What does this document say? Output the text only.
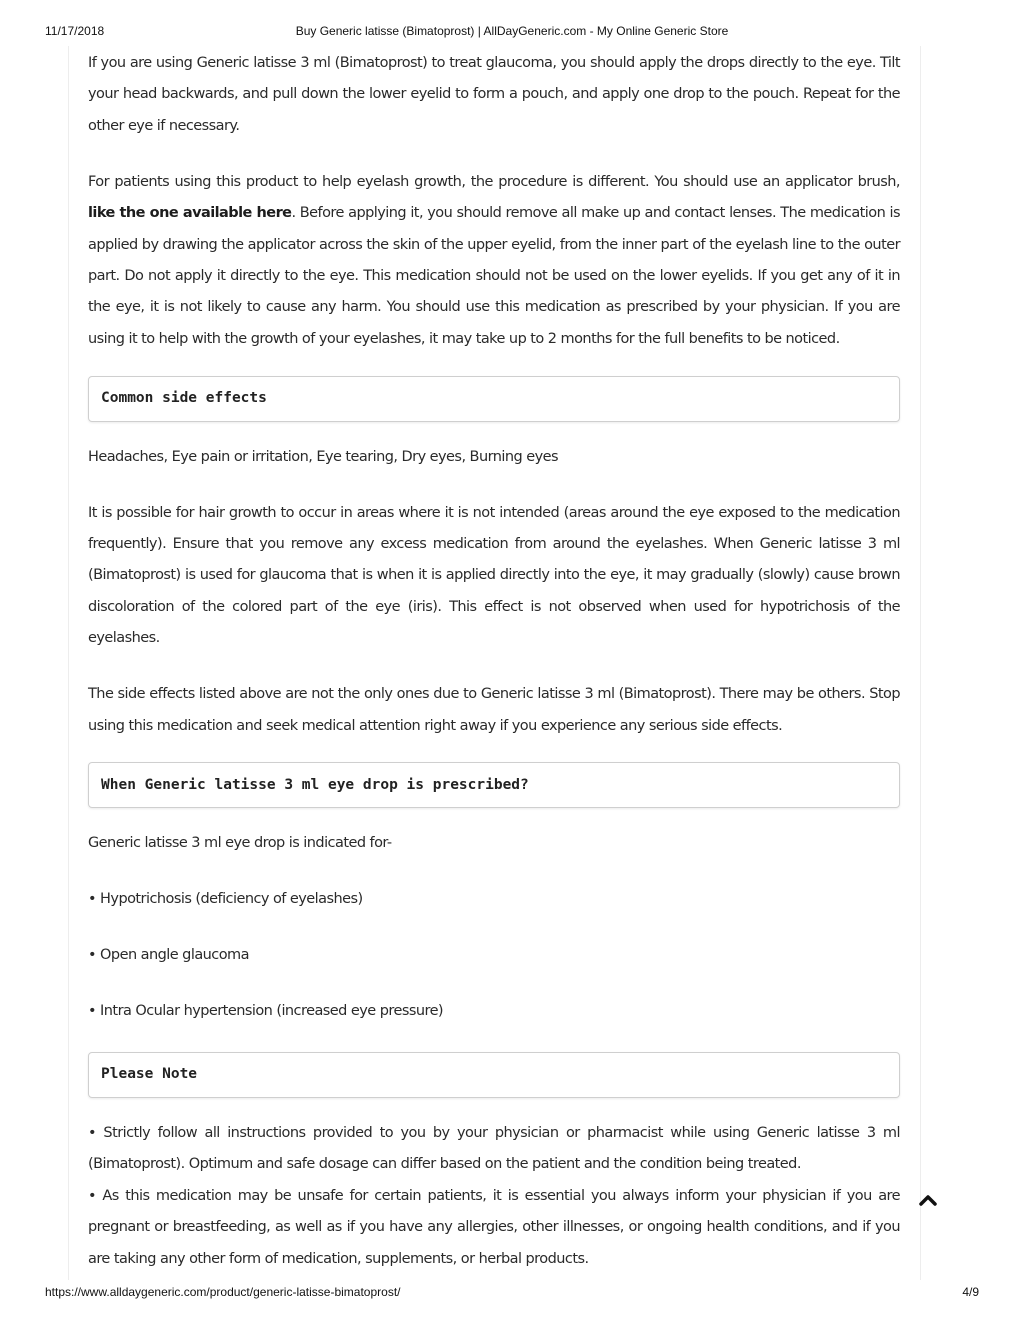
11/17/2018	Buy Generic latisse (Bimatoprost) | AllDayGeneric.com - My Online Generic Store

If you are using Generic latisse 3 ml (Bimatoprost) to treat glaucoma, you should apply the drops directly to the eye. Tilt your head backwards, and pull down the lower eyelid to form a pouch, and apply one drop to the pouch. Repeat for the other eye if necessary.

For patients using this product to help eyelash growth, the procedure is different. You should use an applicator brush, like the one available here. Before applying it, you should remove all make up and contact lenses. The medication is applied by drawing the applicator across the skin of the upper eyelid, from the inner part of the eyelash line to the outer part. Do not apply it directly to the eye. This medication should not be used on the lower eyelids. If you get any of it in the eye, it is not likely to cause any harm. You should use this medication as prescribed by your physician. If you are using it to help with the growth of your eyelashes, it may take up to 2 months for the full benefits to be noticed.

Common side effects

Headaches, Eye pain or irritation, Eye tearing, Dry eyes, Burning eyes

It is possible for hair growth to occur in areas where it is not intended (areas around the eye exposed to the medication frequently). Ensure that you remove any excess medication from around the eyelashes. When Generic latisse 3 ml (Bimatoprost) is used for glaucoma that is when it is applied directly into the eye, it may gradually (slowly) cause brown discoloration of the colored part of the eye (iris). This effect is not observed when used for hypotrichosis of the eyelashes.

The side effects listed above are not the only ones due to Generic latisse 3 ml (Bimatoprost). There may be others. Stop using this medication and seek medical attention right away if you experience any serious side effects.

When Generic latisse 3 ml eye drop is prescribed?

Generic latisse 3 ml eye drop is indicated for-

• Hypotrichosis (deficiency of eyelashes)

• Open angle glaucoma

• Intra Ocular hypertension (increased eye pressure)

Please Note

• Strictly follow all instructions provided to you by your physician or pharmacist while using Generic latisse 3 ml (Bimatoprost). Optimum and safe dosage can differ based on the patient and the condition being treated.

• As this medication may be unsafe for certain patients, it is essential you always inform your physician if you are pregnant or breastfeeding, as well as if you have any allergies, other illnesses, or ongoing health conditions, and if you are taking any other form of medication, supplements, or herbal products.

https://www.alldaygeneric.com/product/generic-latisse-bimatoprost/	4/9
